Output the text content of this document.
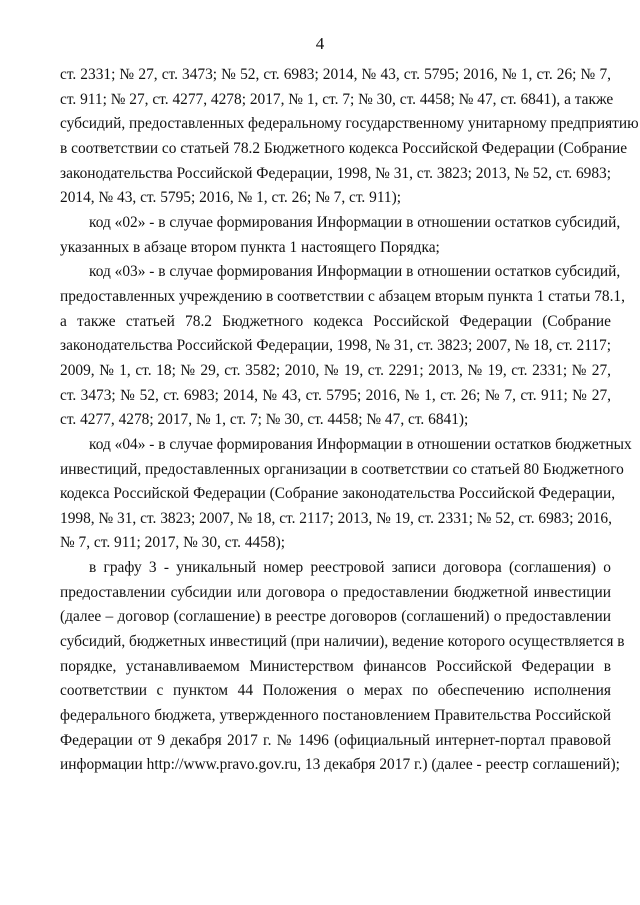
4

ст. 2331; № 27, ст. 3473; № 52, ст. 6983; 2014, № 43, ст. 5795; 2016, № 1, ст. 26; № 7,
ст. 911; № 27, ст. 4277, 4278; 2017, № 1, ст. 7; № 30, ст. 4458; № 47, ст. 6841), а также
субсидий, предоставленных федеральному государственному унитарному предприятию
в соответствии со статьей 78.2 Бюджетного кодекса Российской Федерации (Собрание
законодательства Российской Федерации, 1998, № 31, ст. 3823; 2013, № 52, ст. 6983;
2014, № 43, ст. 5795; 2016, № 1, ст. 26; № 7, ст. 911);

код «02» - в случае формирования Информации в отношении остатков субсидий,
указанных в абзаце втором пункта 1 настоящего Порядка;

код «03» - в случае формирования Информации в отношении остатков субсидий,
предоставленных учреждению в соответствии с абзацем вторым пункта 1 статьи 78.1,
а также статьей 78.2 Бюджетного кодекса Российской Федерации (Собрание
законодательства Российской Федерации, 1998, № 31, ст. 3823; 2007, № 18, ст. 2117;
2009, № 1, ст. 18; № 29, ст. 3582; 2010, № 19, ст. 2291; 2013, № 19, ст. 2331; № 27,
ст. 3473; № 52, ст. 6983; 2014, № 43, ст. 5795; 2016, № 1, ст. 26; № 7, ст. 911; № 27,
ст. 4277, 4278; 2017, № 1, ст. 7; № 30, ст. 4458; № 47, ст. 6841);

код «04» - в случае формирования Информации в отношении остатков бюджетных
инвестиций, предоставленных организации в соответствии со статьей 80 Бюджетного
кодекса Российской Федерации (Собрание законодательства Российской Федерации,
1998, № 31, ст. 3823; 2007, № 18, ст. 2117; 2013, № 19, ст. 2331; № 52, ст. 6983; 2016,
№ 7, ст. 911; 2017, № 30, ст. 4458);

в графу 3 - уникальный номер реестровой записи договора (соглашения) о
предоставлении субсидии или договора о предоставлении бюджетной инвестиции
(далее – договор (соглашение) в реестре договоров (соглашений) о предоставлении
субсидий, бюджетных инвестиций (при наличии), ведение которого осуществляется в
порядке, устанавливаемом Министерством финансов Российской Федерации в
соответствии с пунктом 44 Положения о мерах по обеспечению исполнения
федерального бюджета, утвержденного постановлением Правительства Российской
Федерации от 9 декабря 2017 г. № 1496 (официальный интернет-портал правовой
информации http://www.pravo.gov.ru, 13 декабря 2017 г.) (далее - реестр соглашений);
